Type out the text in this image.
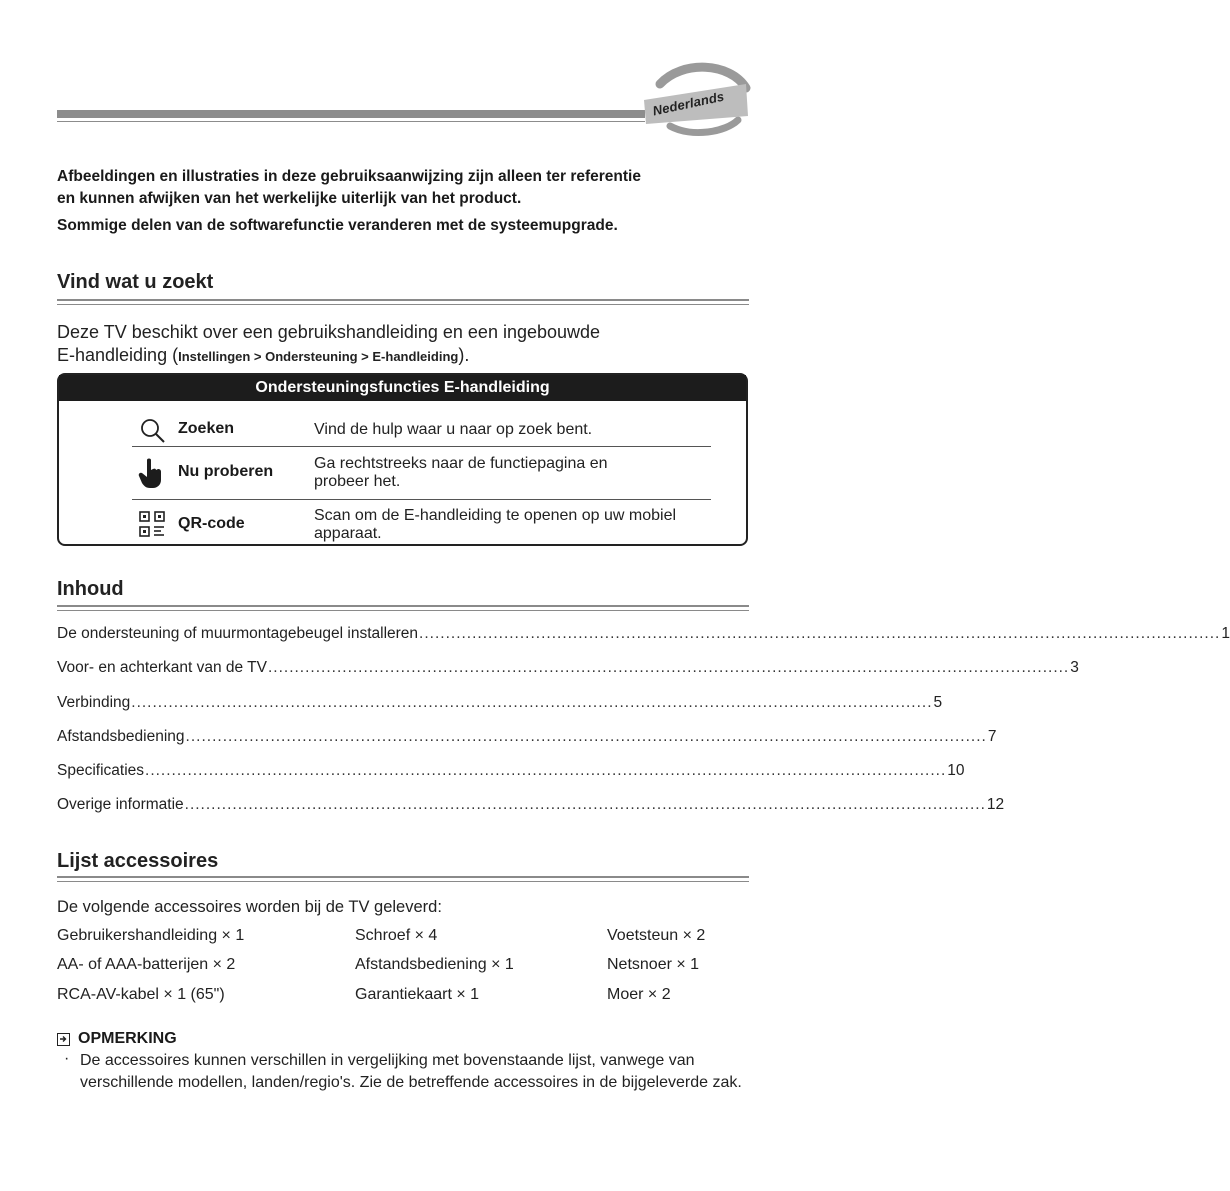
Nederlands
Afbeeldingen en illustraties in deze gebruiksaanwijzing zijn alleen ter referentie
en kunnen afwijken van het werkelijke uiterlijk van het product.
Sommige delen van de softwarefunctie veranderen met de systeemupgrade.
Vind wat u zoekt
Deze TV beschikt over een gebruikshandleiding en een ingebouwde
E-handleiding (Instellingen > Ondersteuning > E-handleiding).
Ondersteuningsfuncties E-handleiding
Zoeken	Vind de hulp waar u naar op zoek bent.
Nu proberen	Ga rechtstreeks naar de functiepagina en probeer het.
QR-code	Scan om de E-handleiding te openen op uw mobiel apparaat.
Inhoud
De ondersteuning of muurmontagebeugel installeren ....................................................................................................................................................... 1
Voor- en achterkant van de TV ....................................................................................................................................................... 3
Verbinding ....................................................................................................................................................... 5
Afstandsbediening ....................................................................................................................................................... 7
Specificaties ....................................................................................................................................................... 10
Overige informatie ....................................................................................................................................................... 12
Lijst accessoires
De volgende accessoires worden bij de TV geleverd:
Gebruikershandleiding × 1	Schroef × 4	Voetsteun × 2
AA- of AAA-batterijen × 2	Afstandsbediening × 1	Netsnoer × 1
RCA-AV-kabel × 1 (65")	Garantiekaart × 1	Moer × 2
OPMERKING
· De accessoires kunnen verschillen in vergelijking met bovenstaande lijst, vanwege van verschillende modellen, landen/regio's. Zie de betreffende accessoires in de bijgeleverde zak.
